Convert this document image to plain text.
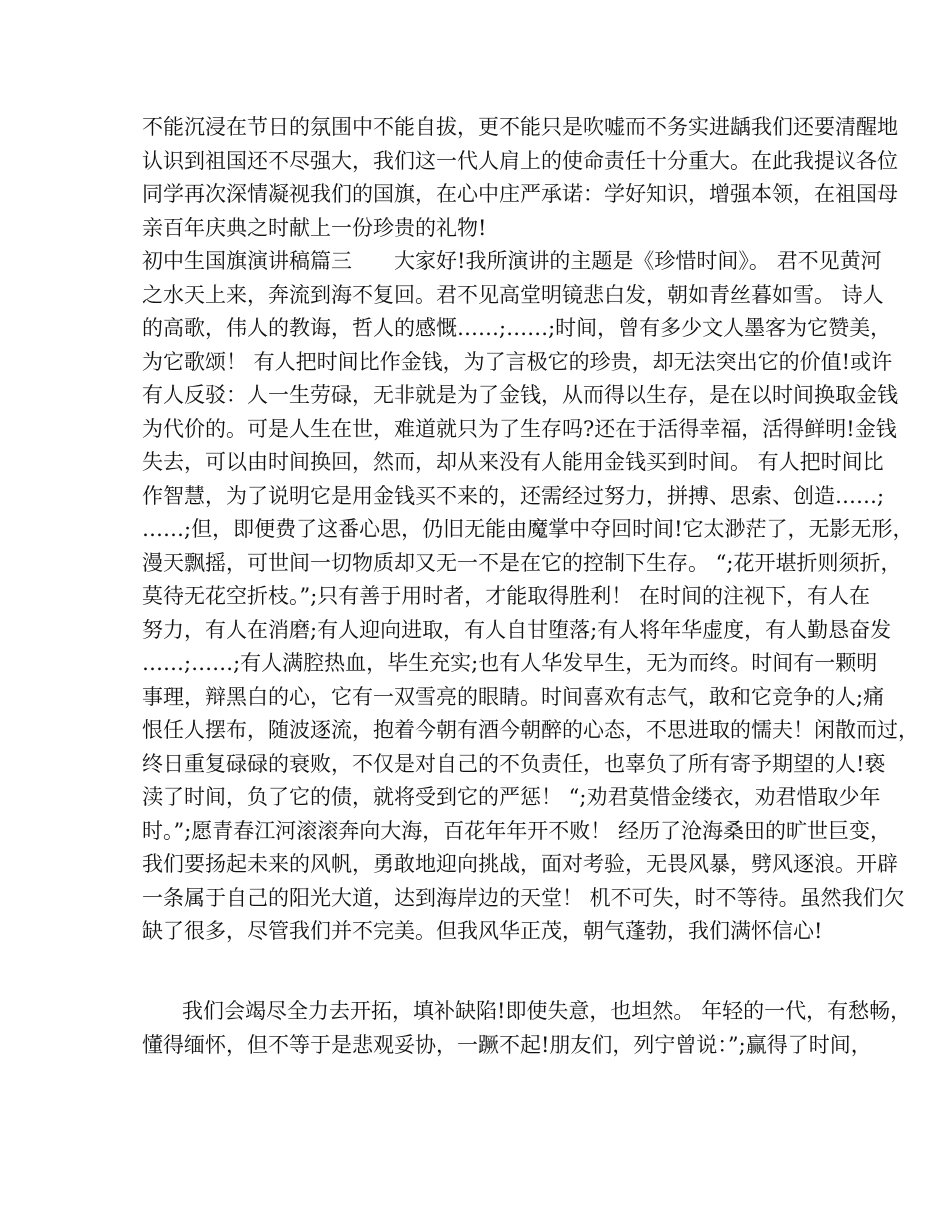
不能沉浸在节日的氛围中不能自拔，更不能只是吹嘘而不务实进龋我们还要清醒地
认识到祖国还不尽强大，我们这一代人肩上的使命责任十分重大。在此我提议各位
同学再次深情凝视我们的国旗，在心中庄严承诺：学好知识，增强本领，在祖国母
亲百年庆典之时献上一份珍贵的礼物!
初中生国旗演讲稿篇三　　大家好!我所演讲的主题是《珍惜时间》。 君不见黄河
之水天上来，奔流到海不复回。君不见高堂明镜悲白发，朝如青丝暮如雪。 诗人
的高歌，伟人的教诲，哲人的感慨……;……;时间，曾有多少文人墨客为它赞美，
为它歌颂！ 有人把时间比作金钱，为了言极它的珍贵，却无法突出它的价值!或许
有人反驳：人一生劳碌，无非就是为了金钱，从而得以生存，是在以时间换取金钱
为代价的。可是人生在世，难道就只为了生存吗?还在于活得幸福，活得鲜明!金钱
失去，可以由时间换回，然而，却从来没有人能用金钱买到时间。 有人把时间比
作智慧，为了说明它是用金钱买不来的，还需经过努力，拼搏、思索、创造……;
……;但，即便费了这番心思，仍旧无能由魔掌中夺回时间!它太渺茫了，无影无形，
漫天飘摇，可世间一切物质却又无一不是在它的控制下生存。 “;花开堪折则须折，
莫待无花空折枝。”;只有善于用时者，才能取得胜利！ 在时间的注视下，有人在
努力，有人在消磨;有人迎向进取，有人自甘堕落;有人将年华虚度，有人勤恳奋发
……;……;有人满腔热血，毕生充实;也有人华发早生，无为而终。时间有一颗明
事理，辩黑白的心，它有一双雪亮的眼睛。时间喜欢有志气，敢和它竞争的人;痛
恨任人摆布，随波逐流，抱着今朝有酒今朝醉的心态，不思进取的懦夫！闲散而过，
终日重复碌碌的衰败，不仅是对自己的不负责任，也辜负了所有寄予期望的人!亵
渎了时间，负了它的债，就将受到它的严惩！ “;劝君莫惜金缕衣，劝君惜取少年
时。”;愿青春江河滚滚奔向大海，百花年年开不败！ 经历了沧海桑田的旷世巨变，
我们要扬起未来的风帆，勇敢地迎向挑战，面对考验，无畏风暴，劈风逐浪。开辟
一条属于自己的阳光大道，达到海岸边的天堂！ 机不可失，时不等待。虽然我们欠
缺了很多，尽管我们并不完美。但我风华正茂，朝气蓬勃，我们满怀信心!
我们会竭尽全力去开拓，填补缺陷!即使失意，也坦然。 年轻的一代，有愁畅，
懂得缅怀，但不等于是悲观妥协，一蹶不起!朋友们，列宁曾说：”;赢得了时间，
